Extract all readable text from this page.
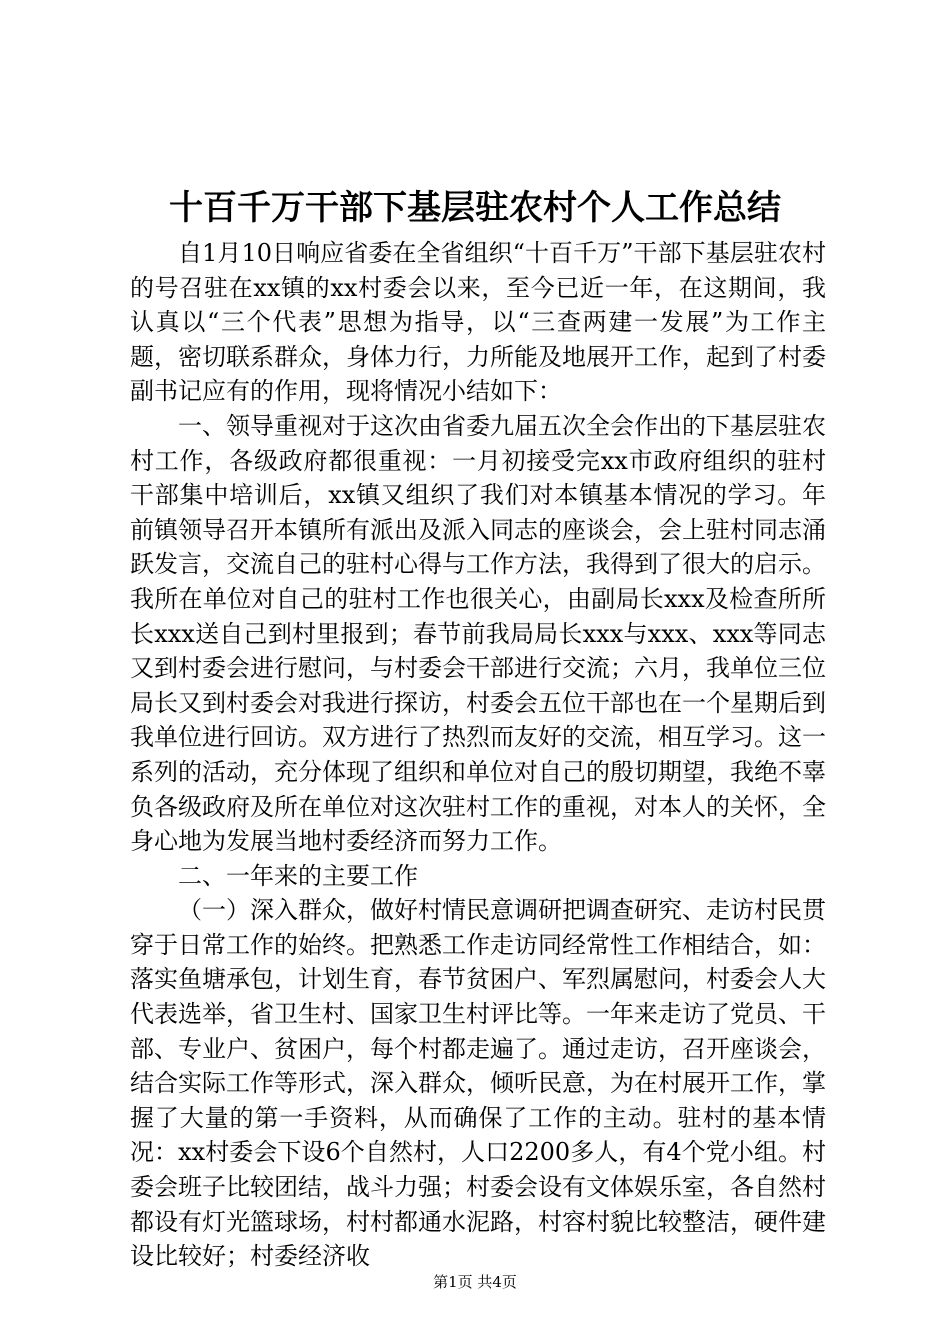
十百千万干部下基层驻农村个人工作总结

自1月10日响应省委在全省组织“十百千万”干部下基层驻农村的号召驻在xx镇的xx村委会以来，至今已近一年，在这期间，我认真以“三个代表”思想为指导，以“三查两建一发展”为工作主题，密切联系群众，身体力行，力所能及地展开工作，起到了村委副书记应有的作用，现将情况小结如下：

一、领导重视对于这次由省委九届五次全会作出的下基层驻农村工作，各级政府都很重视：一月初接受完xx市政府组织的驻村干部集中培训后，xx镇又组织了我们对本镇基本情况的学习。年前镇领导召开本镇所有派出及派入同志的座谈会，会上驻村同志涌跃发言，交流自己的驻村心得与工作方法，我得到了很大的启示。我所在单位对自己的驻村工作也很关心，由副局长xxx及检查所所长xxx送自己到村里报到；春节前我局局长xxx与xxx、xxx等同志又到村委会进行慰问，与村委会干部进行交流；六月，我单位三位局长又到村委会对我进行探访，村委会五位干部也在一个星期后到我单位进行回访。双方进行了热烈而友好的交流，相互学习。这一系列的活动，充分体现了组织和单位对自己的殷切期望，我绝不辜负各级政府及所在单位对这次驻村工作的重视，对本人的关怀，全身心地为发展当地村委经济而努力工作。

二、一年来的主要工作

（一）深入群众，做好村情民意调研把调查研究、走访村民贯穿于日常工作的始终。把熟悉工作走访同经常性工作相结合，如：落实鱼塘承包，计划生育，春节贫困户、军烈属慰问，村委会人大代表选举，省卫生村、国家卫生村评比等。一年来走访了党员、干部、专业户、贫困户，每个村都走遍了。通过走访，召开座谈会，结合实际工作等形式，深入群众，倾听民意，为在村展开工作，掌握了大量的第一手资料，从而确保了工作的主动。驻村的基本情况：xx村委会下设6个自然村，人口2200多人，有4个党小组。村委会班子比较团结，战斗力强；村委会设有文体娱乐室，各自然村都设有灯光篮球场，村村都通水泥路，村容村貌比较整洁，硬件建设比较好；村委经济收

第1页 共4页
